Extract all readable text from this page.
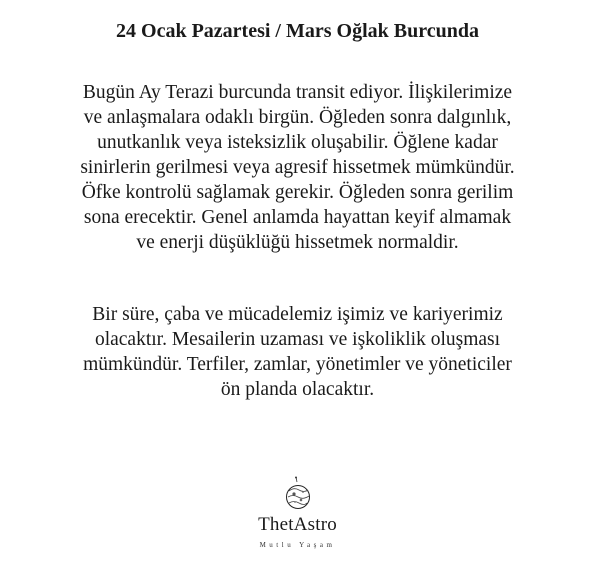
24 Ocak Pazartesi / Mars Oğlak Burcunda

Bugün Ay Terazi burcunda transit ediyor. İlişkilerimize
ve anlaşmalara odaklı birgün. Öğleden sonra dalgınlık,
unutkanlık veya isteksizlik oluşabilir. Öğlene kadar
sinirlerin gerilmesi veya agresif hissetmek mümkündür.
Öfke kontrolü sağlamak gerekir. Öğleden sonra gerilim
sona erecektir. Genel anlamda hayattan keyif almamak
ve enerji düşüklüğü hissetmek normaldir.

Bir süre, çaba ve mücadelemiz işimiz ve kariyerimiz
olacaktır. Mesailerin uzaması ve işkoliklik oluşması
mümkündür. Terfiler, zamlar, yönetimler ve yöneticiler
ön planda olacaktır.

ThetAstro
Mutlu Yaşam
